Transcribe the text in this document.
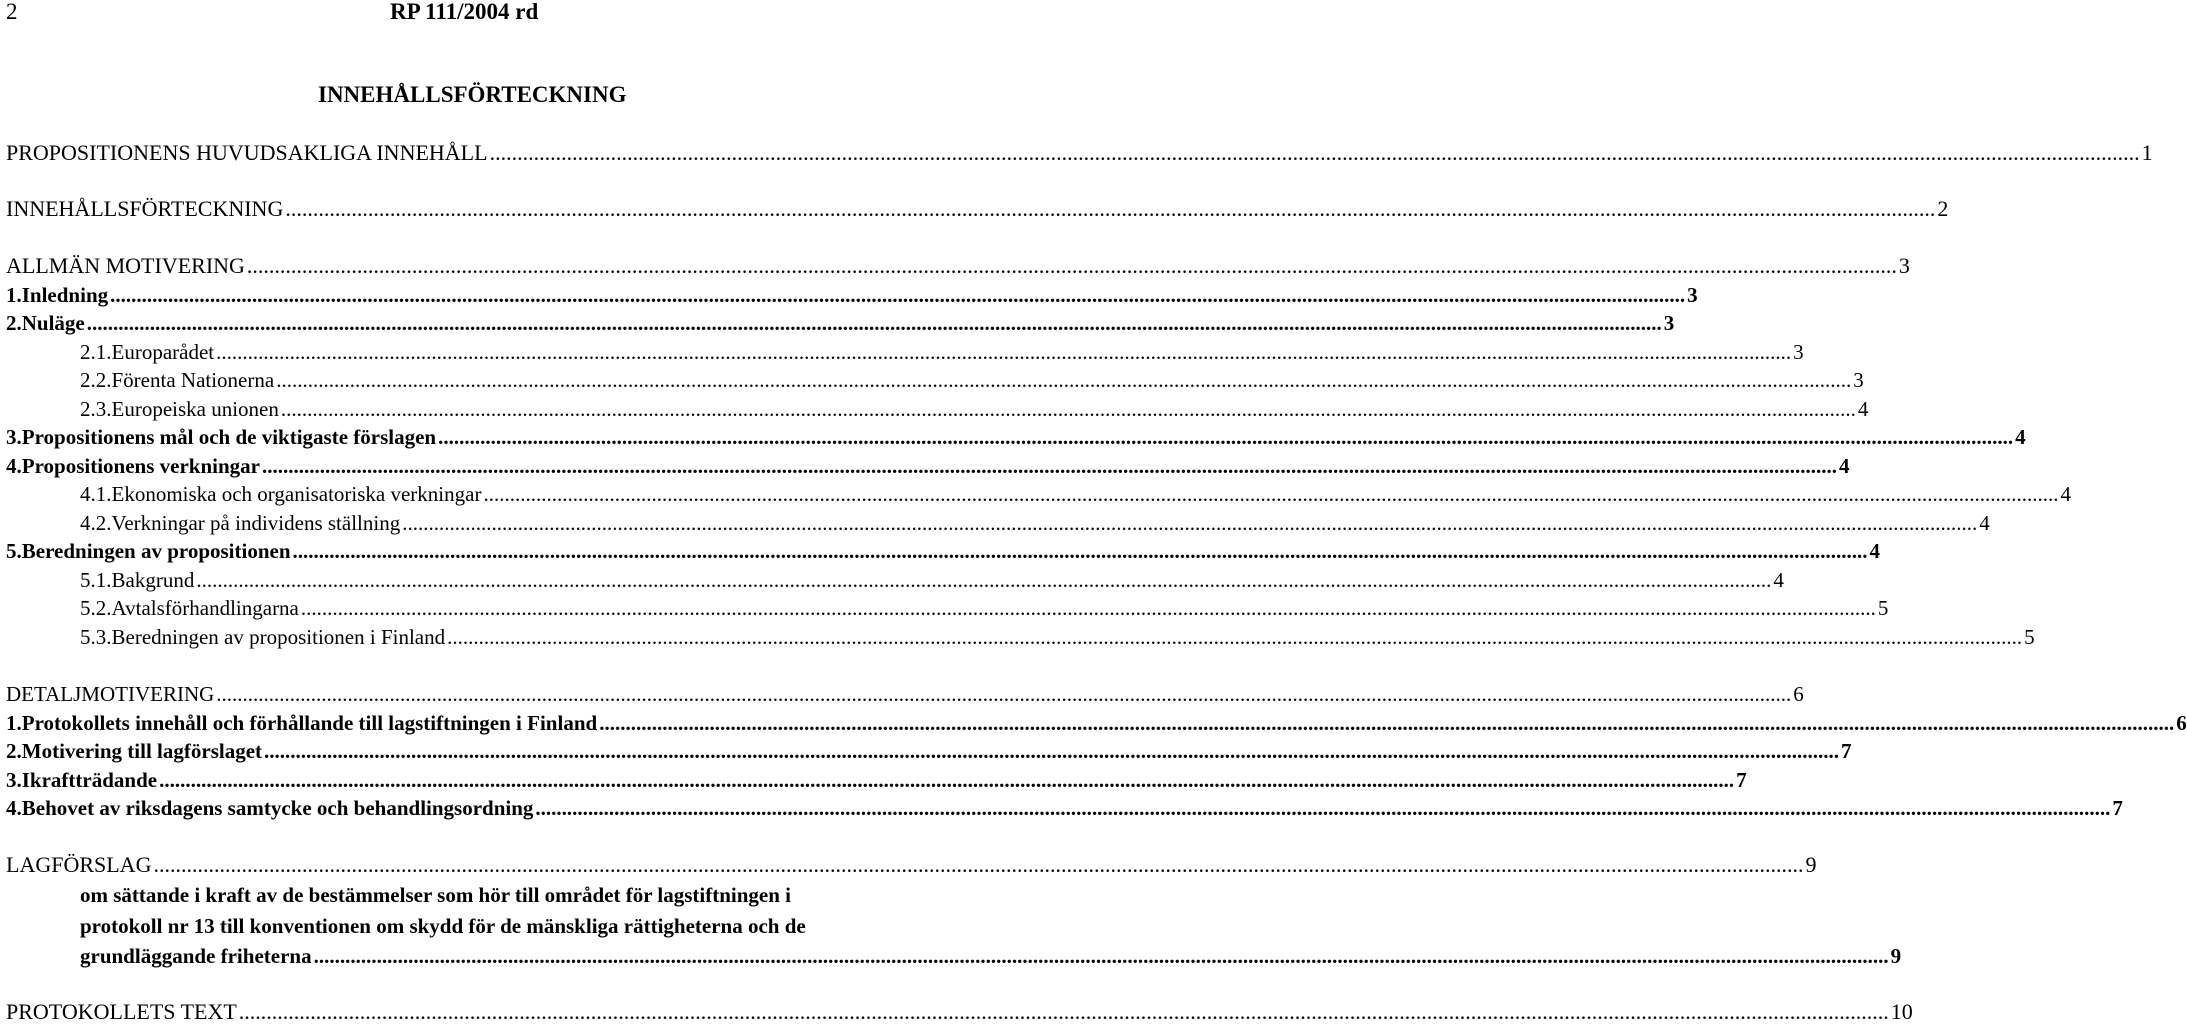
2	RP 111/2004 rd
INNEHÅLLSFÖRTECKNING
PROPOSITIONENS HUVUDSAKLIGA INNEHÅLL ............................................................................................................................................................................................................................................................................................................ 1
INNEHÅLLSFÖRTECKNING ............................................................................................................................................................................................................................................................................................................ 2
ALLMÄN MOTIVERING ............................................................................................................................................................................................................................................................................................................ 3
1. Inledning ............................................................................................................................................................................................................................................................................................................ 3
2. Nuläge ............................................................................................................................................................................................................................................................................................................ 3
2.1. Europarådet ............................................................................................................................................................................................................................................................................................................ 3
2.2. Förenta Nationerna ............................................................................................................................................................................................................................................................................................................ 3
2.3. Europeiska unionen ............................................................................................................................................................................................................................................................................................................ 4
3. Propositionens mål och de viktigaste förslagen ............................................................................................................................................................................................................................................................................................................ 4
4. Propositionens verkningar ............................................................................................................................................................................................................................................................................................................ 4
4.1. Ekonomiska och organisatoriska verkningar ............................................................................................................................................................................................................................................................................................................ 4
4.2. Verkningar på individens ställning ............................................................................................................................................................................................................................................................................................................ 4
5. Beredningen av propositionen ............................................................................................................................................................................................................................................................................................................ 4
5.1. Bakgrund ............................................................................................................................................................................................................................................................................................................ 4
5.2. Avtalsförhandlingarna ............................................................................................................................................................................................................................................................................................................ 5
5.3. Beredningen av propositionen i Finland ............................................................................................................................................................................................................................................................................................................ 5
DETALJMOTIVERING ............................................................................................................................................................................................................................................................................................................ 6
1. Protokollets innehåll och förhållande till lagstiftningen i Finland ............................................................................................................................................................................................................................................................................................................ 6
2. Motivering till lagförslaget ............................................................................................................................................................................................................................................................................................................ 7
3. Ikraftträdande ............................................................................................................................................................................................................................................................................................................ 7
4. Behovet av riksdagens samtycke och behandlingsordning ............................................................................................................................................................................................................................................................................................................ 7
LAGFÖRSLAG ............................................................................................................................................................................................................................................................................................................ 9
om sättande i kraft av de bestämmelser som hör till området för lagstiftningen i
protokoll nr 13 till konventionen om skydd för de mänskliga rättigheterna och de
grundläggande friheterna ............................................................................................................................................................................................................................................................................................................ 9
PROTOKOLLETS TEXT ............................................................................................................................................................................................................................................................................................................ 10
